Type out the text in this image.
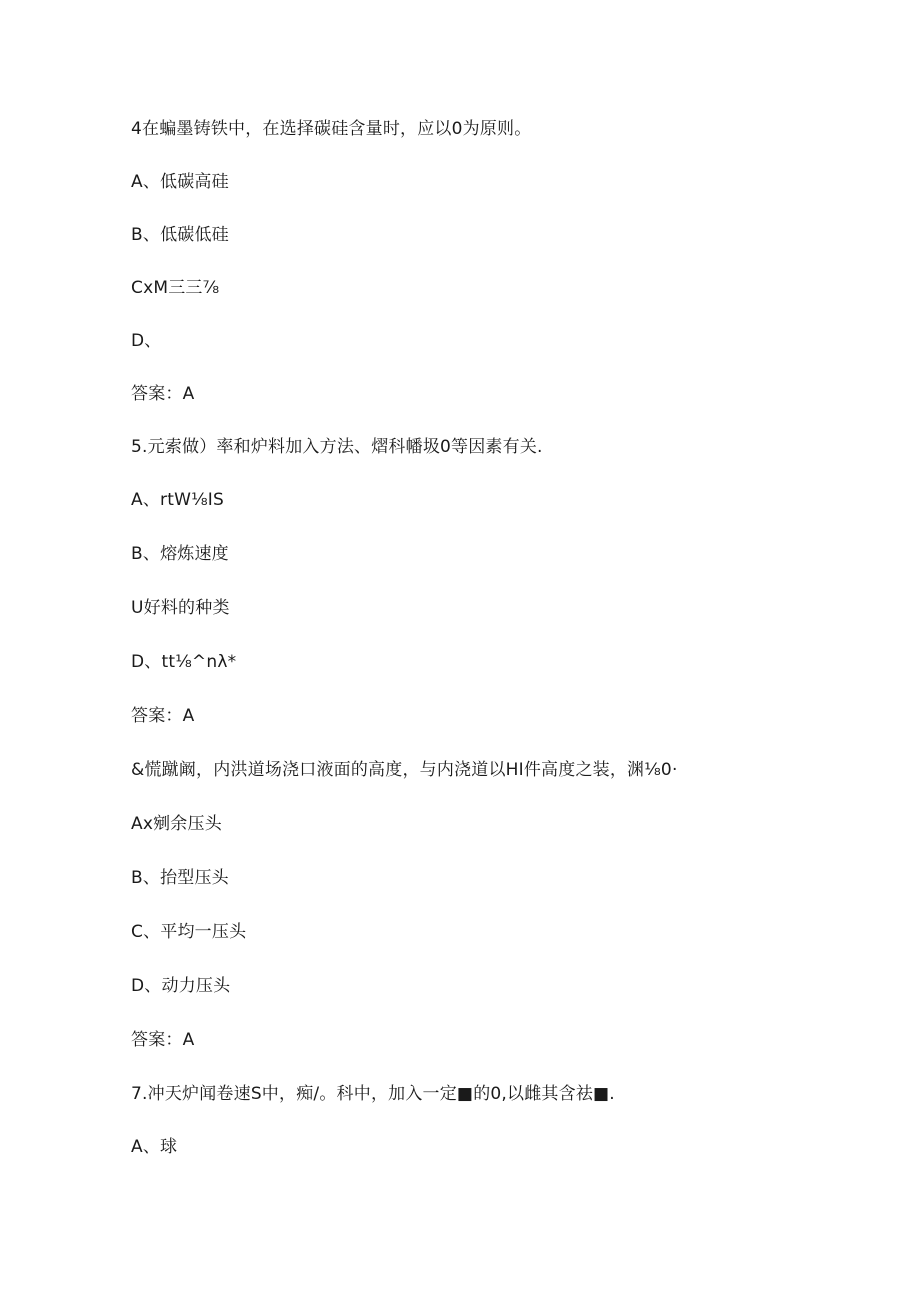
4在蝙墨铸铁中，在选择碳硅含量时，应以0为原则。
A、低碳高硅
B、低碳低硅
CxM三三⅞
D、
答案：A
5.元索做）率和炉料加入方法、熠科幡圾0等因素有关.
A、rtW⅛IS
B、熔炼速度
U好料的种类
D、tt⅛^nλ*
答案：A
&慌蹴阚，内洪道场浇口液面的高度，与内浇道以HI件高度之装，渊⅛0·
Ax剜余压头
B、抬型压头
C、平均一压头
D、动力压头
答案：A
7.冲天炉闻卷速S中，痴/。科中，加入一定■的0,以雌其含祛■.
A、球
